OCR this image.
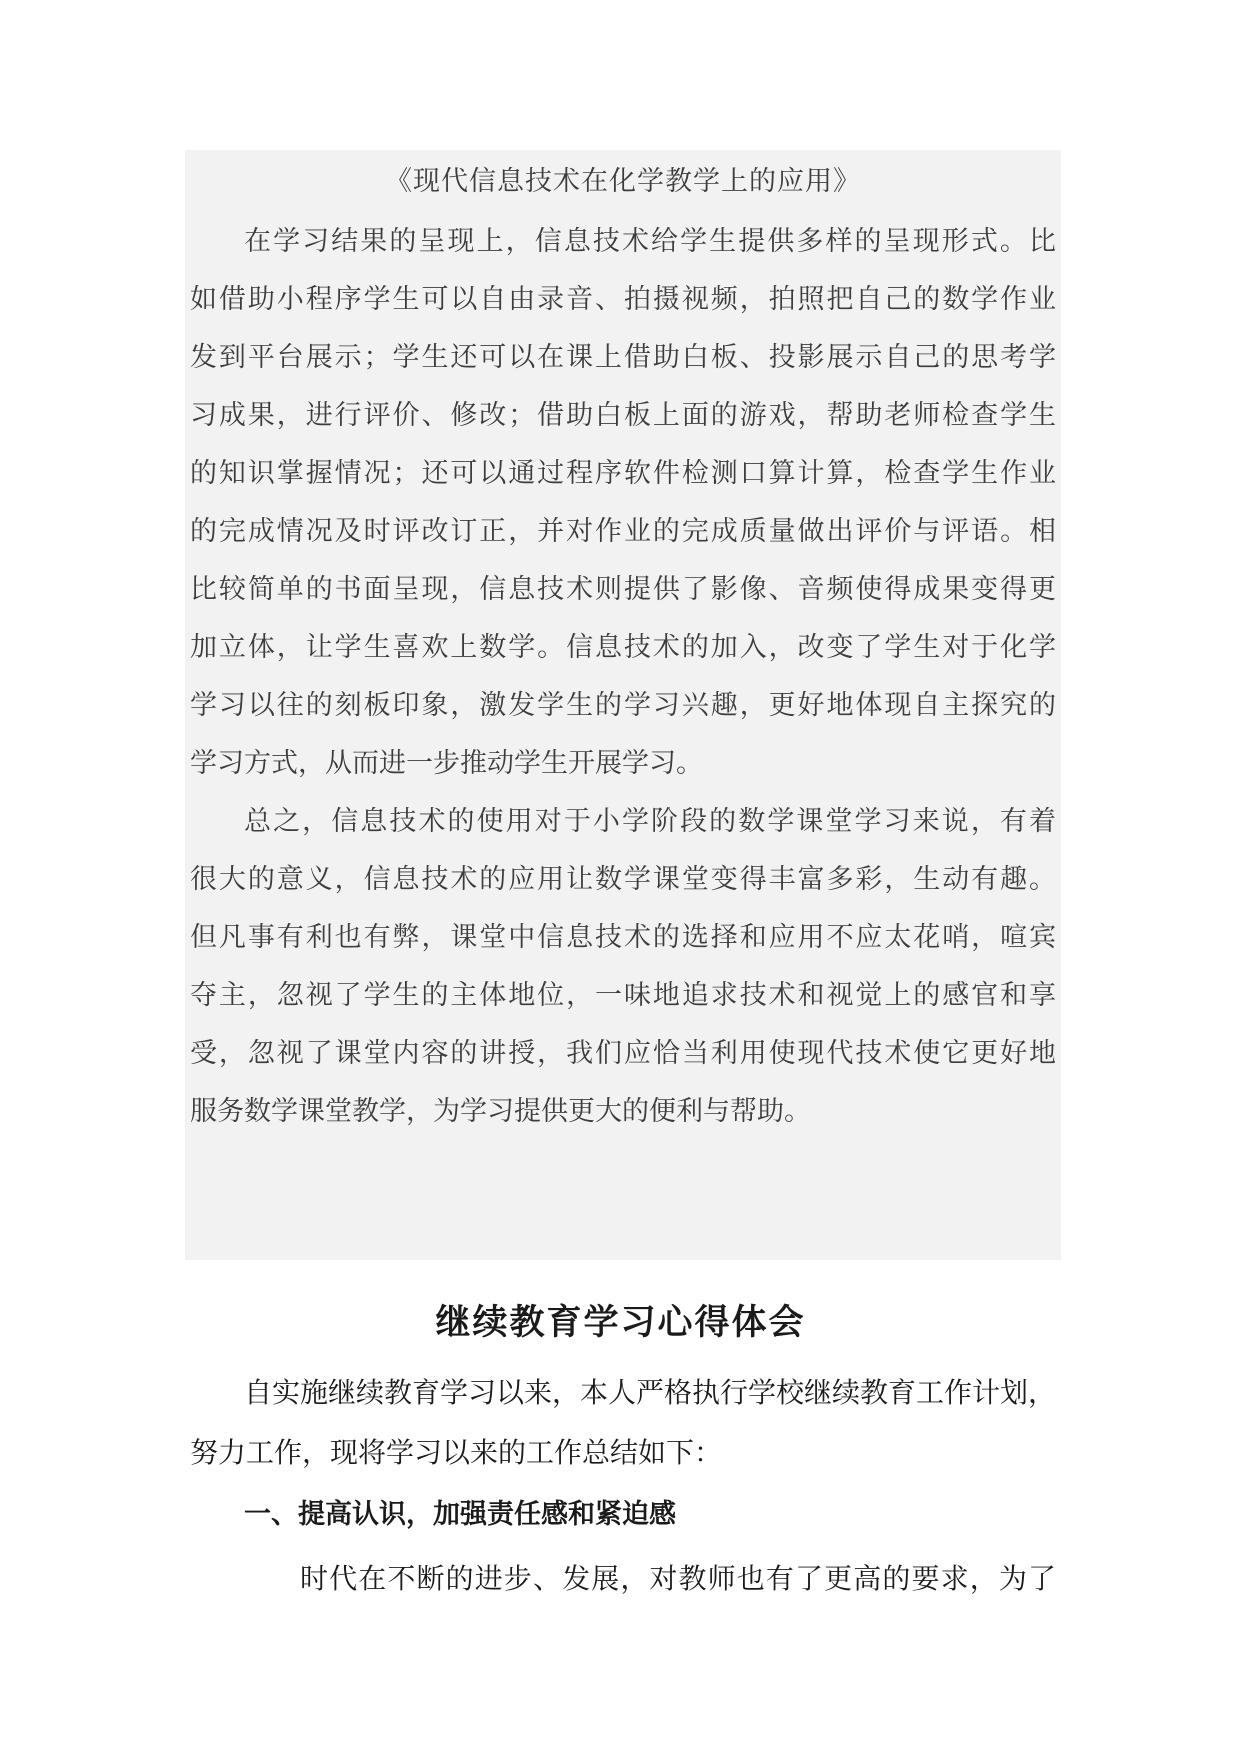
《现代信息技术在化学教学上的应用》
在学习结果的呈现上，信息技术给学生提供多样的呈现形式。比
如借助小程序学生可以自由录音、拍摄视频，拍照把自己的数学作业
发到平台展示；学生还可以在课上借助白板、投影展示自己的思考学
习成果，进行评价、修改；借助白板上面的游戏，帮助老师检查学生
的知识掌握情况；还可以通过程序软件检测口算计算，检查学生作业
的完成情况及时评改订正，并对作业的完成质量做出评价与评语。相
比较简单的书面呈现，信息技术则提供了影像、音频使得成果变得更
加立体，让学生喜欢上数学。信息技术的加入，改变了学生对于化学
学习以往的刻板印象，激发学生的学习兴趣，更好地体现自主探究的
学习方式，从而进一步推动学生开展学习。
总之，信息技术的使用对于小学阶段的数学课堂学习来说，有着
很大的意义，信息技术的应用让数学课堂变得丰富多彩，生动有趣。
但凡事有利也有弊，课堂中信息技术的选择和应用不应太花哨，喧宾
夺主，忽视了学生的主体地位，一味地追求技术和视觉上的感官和享
受，忽视了课堂内容的讲授，我们应恰当利用使现代技术使它更好地
服务数学课堂教学，为学习提供更大的便利与帮助。
继续教育学习心得体会
自实施继续教育学习以来，本人严格执行学校继续教育工作计划，
努力工作，现将学习以来的工作总结如下：
一、提高认识，加强责任感和紧迫感
时代在不断的进步、发展，对教师也有了更高的要求，为了
